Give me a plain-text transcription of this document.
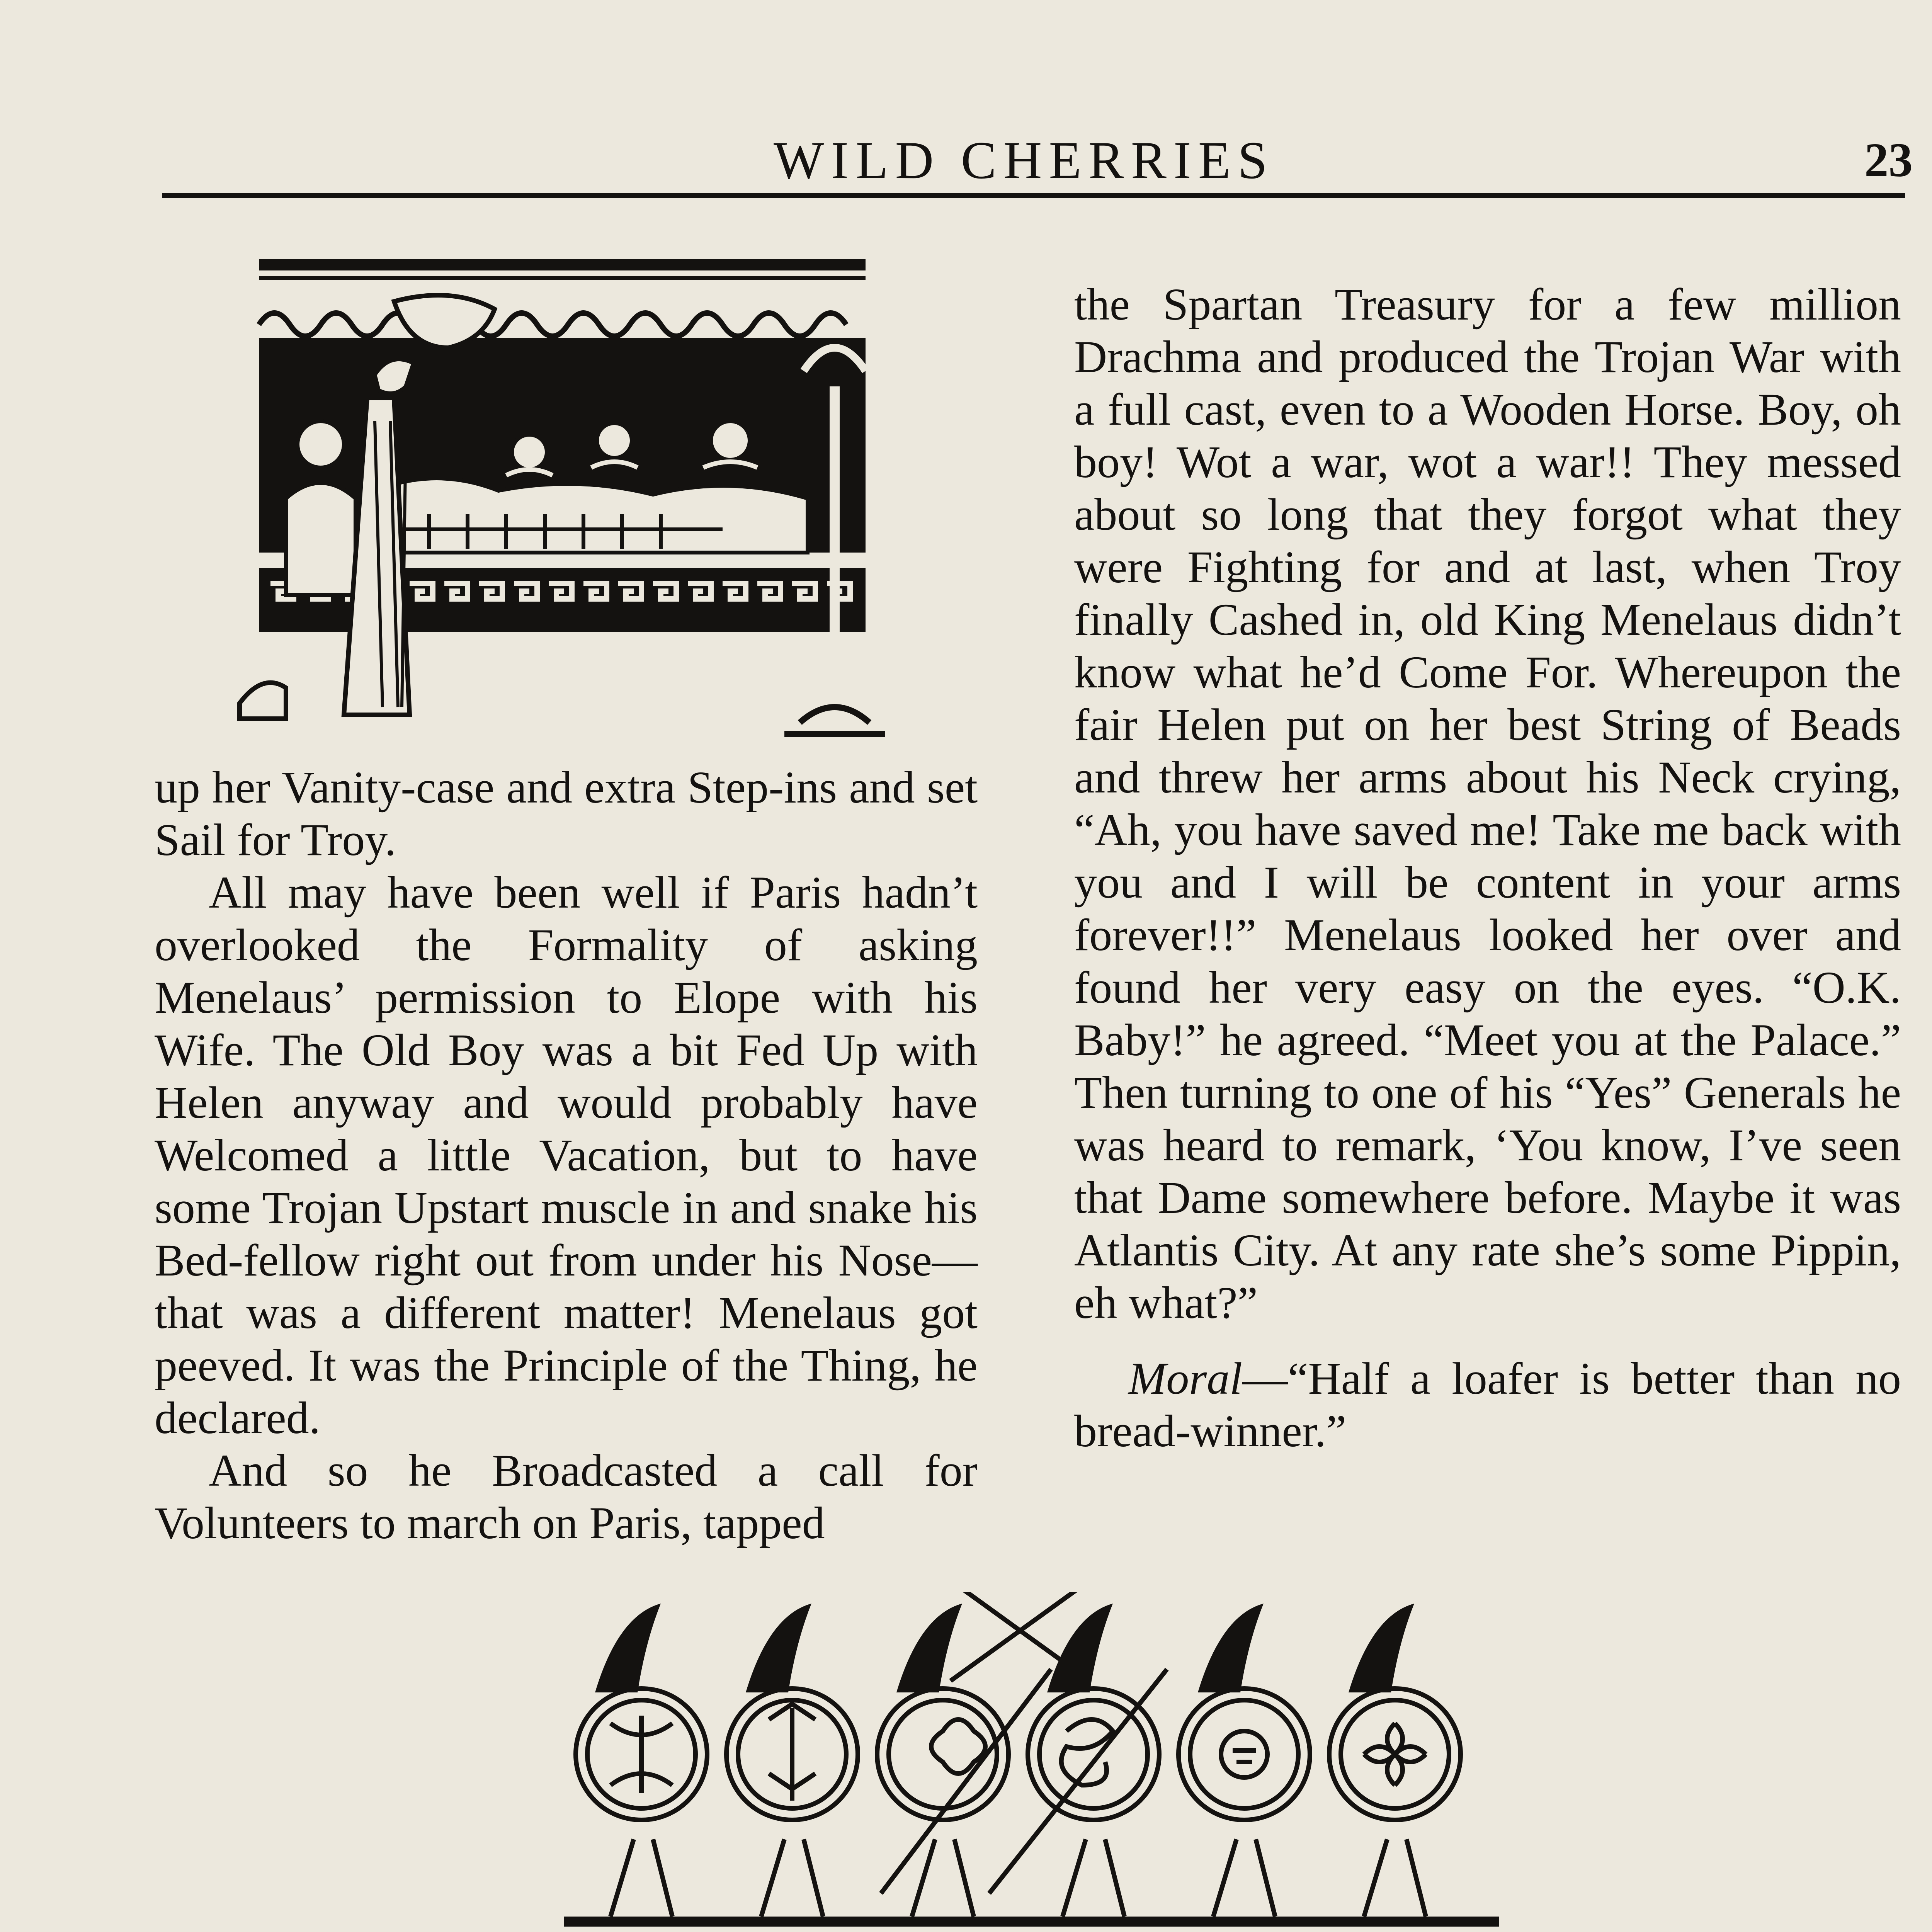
WILD CHERRIES	23

up her Vanity-case and extra Step-ins and set Sail for Troy.

All may have been well if Paris hadn’t overlooked the Formality of asking Menelaus’ permission to Elope with his Wife. The Old Boy was a bit Fed Up with Helen anyway and would probably have Welcomed a little Vacation, but to have some Trojan Upstart muscle in and snake his Bed-fellow right out from under his Nose—that was a different matter! Menelaus got peeved. It was the Principle of the Thing, he declared.

And so he Broadcasted a call for Volunteers to march on Paris, tapped

the Spartan Treasury for a few million Drachma and produced the Trojan War with a full cast, even to a Wooden Horse. Boy, oh boy! Wot a war, wot a war!! They messed about so long that they forgot what they were Fighting for and at last, when Troy finally Cashed in, old King Menelaus didn’t know what he’d Come For. Whereupon the fair Helen put on her best String of Beads and threw her arms about his Neck crying, “Ah, you have saved me! Take me back with you and I will be content in your arms forever!!” Menelaus looked her over and found her very easy on the eyes. “O.K. Baby!” he agreed. “Meet you at the Palace.” Then turning to one of his “Yes” Generals he was heard to remark, ‘You know, I’ve seen that Dame somewhere before. Maybe it was Atlantis City. At any rate she’s some Pippin, eh what?”

Moral—“Half a loafer is better than no bread-winner.”
